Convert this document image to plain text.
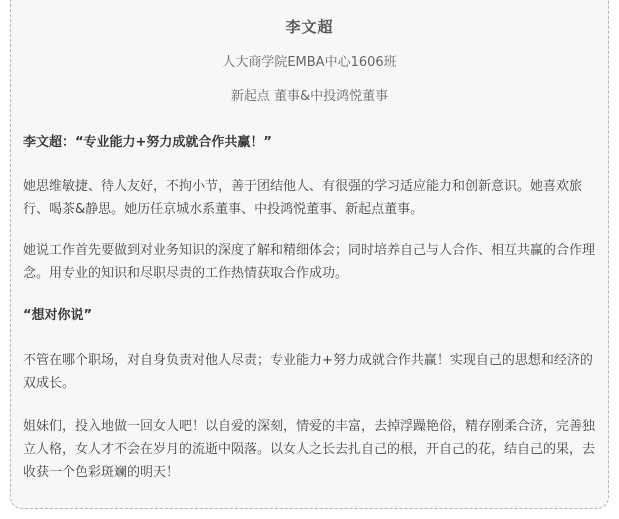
李文超
人大商学院EMBA中心1606班
新起点 董事&中投鸿悦董事
李文超：“专业能力+努力成就合作共赢！”
她思维敏捷、待人友好，不拘小节，善于团结他人、有很强的学习适应能力和创新意识。她喜欢旅行、喝茶&静思。她历任京城水系董事、中投鸿悦董事、新起点董事。
她说工作首先要做到对业务知识的深度了解和精细体会；同时培养自己与人合作、相互共赢的合作理念。用专业的知识和尽职尽责的工作热情获取合作成功。
“想对你说”
不管在哪个职场，对自身负责对他人尽责；专业能力+努力成就合作共赢！实现自己的思想和经济的双成长。
姐妹们，投入地做一回女人吧！以自爱的深刻，情爱的丰富，去掉浮躁艳俗，精存刚柔合济，完善独立人格，女人才不会在岁月的流逝中陨落。以女人之长去扎自己的根，开自己的花，结自己的果，去收获一个色彩斑斓的明天！
